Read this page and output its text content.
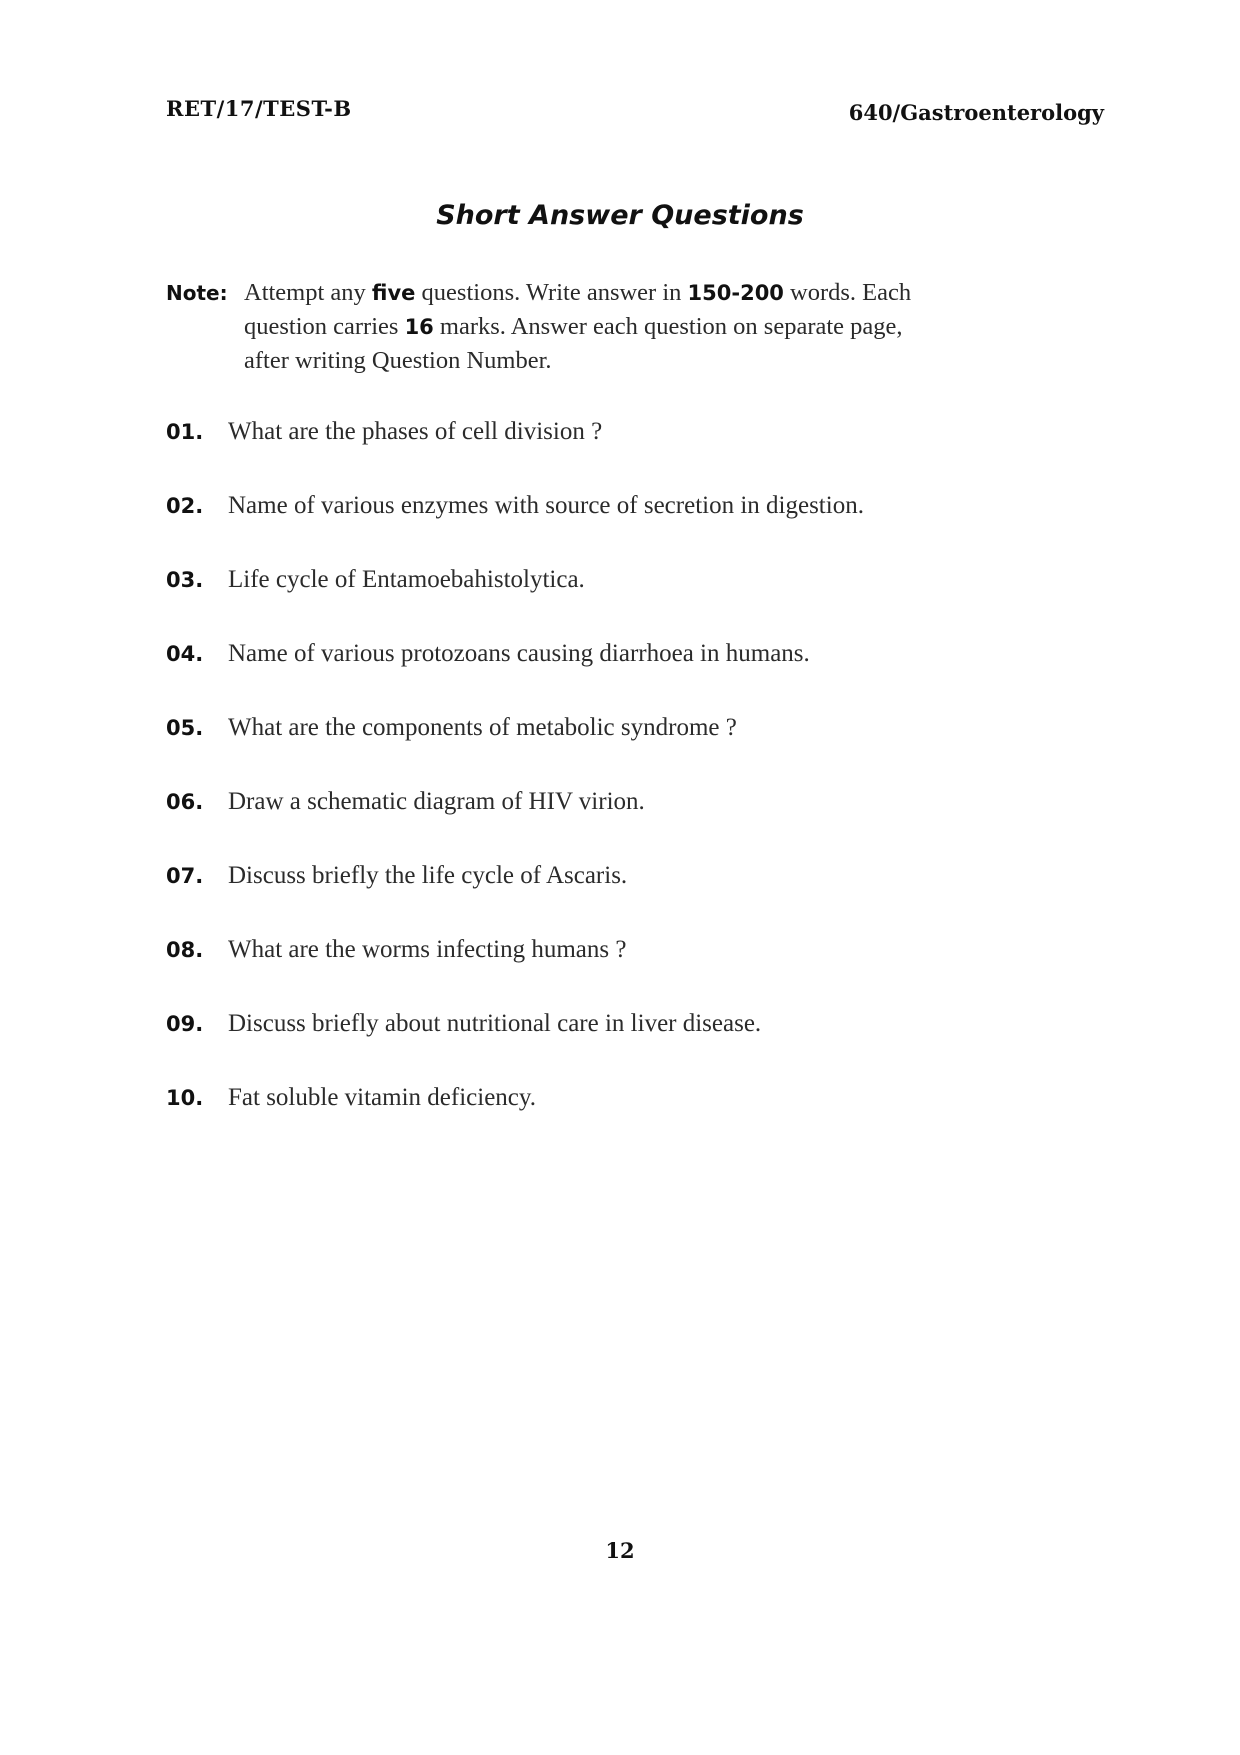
RET/17/TEST-B	640/Gastroenterology
Short Answer Questions
Note: Attempt any five questions. Write answer in 150-200 words. Each
question carries 16 marks. Answer each question on separate page,
after writing Question Number.
01. What are the phases of cell division ?
02. Name of various enzymes with source of secretion in digestion.
03. Life cycle of Entamoebahistolytica.
04. Name of various protozoans causing diarrhoea in humans.
05. What are the components of metabolic syndrome ?
06. Draw a schematic diagram of HIV virion.
07. Discuss briefly the life cycle of Ascaris.
08. What are the worms infecting humans ?
09. Discuss briefly about nutritional care in liver disease.
10. Fat soluble vitamin deficiency.
12
